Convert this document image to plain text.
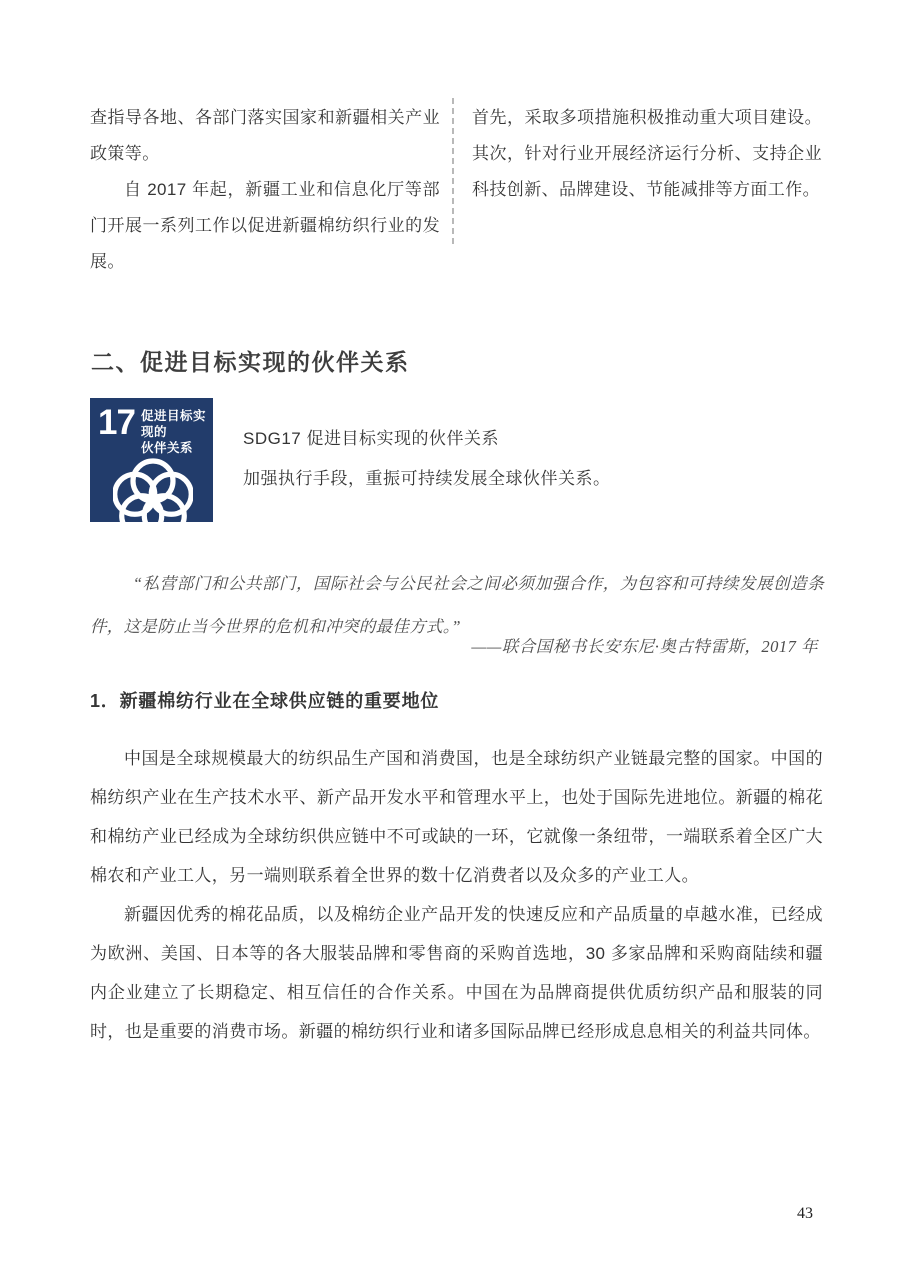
查指导各地、各部门落实国家和新疆相关产业政策等。

自 2017 年起，新疆工业和信息化厅等部门开展一系列工作以促进新疆棉纺织行业的发展。

首先，采取多项措施积极推动重大项目建设。其次，针对行业开展经济运行分析、支持企业科技创新、品牌建设、节能减排等方面工作。

二、促进目标实现的伙伴关系
17 促进目标实现的
伙伴关系	SDG17 促进目标实现的伙伴关系

加强执行手段，重振可持续发展全球伙伴关系。

“私营部门和公共部门，国际社会与公民社会之间必须加强合作，为包容和可持续发展创造条件，这是防止当今世界的危机和冲突的最佳方式。”

——联合国秘书长安东尼·奥古特雷斯，2017 年

1．新疆棉纺行业在全球供应链的重要地位

中国是全球规模最大的纺织品生产国和消费国，也是全球纺织产业链最完整的国家。中国的棉纺织产业在生产技术水平、新产品开发水平和管理水平上，也处于国际先进地位。新疆的棉花和棉纺产业已经成为全球纺织供应链中不可或缺的一环，它就像一条纽带，一端联系着全区广大棉农和产业工人，另一端则联系着全世界的数十亿消费者以及众多的产业工人。

新疆因优秀的棉花品质，以及棉纺企业产品开发的快速反应和产品质量的卓越水准，已经成为欧洲、美国、日本等的各大服装品牌和零售商的采购首选地，30 多家品牌和采购商陆续和疆内企业建立了长期稳定、相互信任的合作关系。中国在为品牌商提供优质纺织产品和服装的同时，也是重要的消费市场。新疆的棉纺织行业和诸多国际品牌已经形成息息相关的利益共同体。

43
